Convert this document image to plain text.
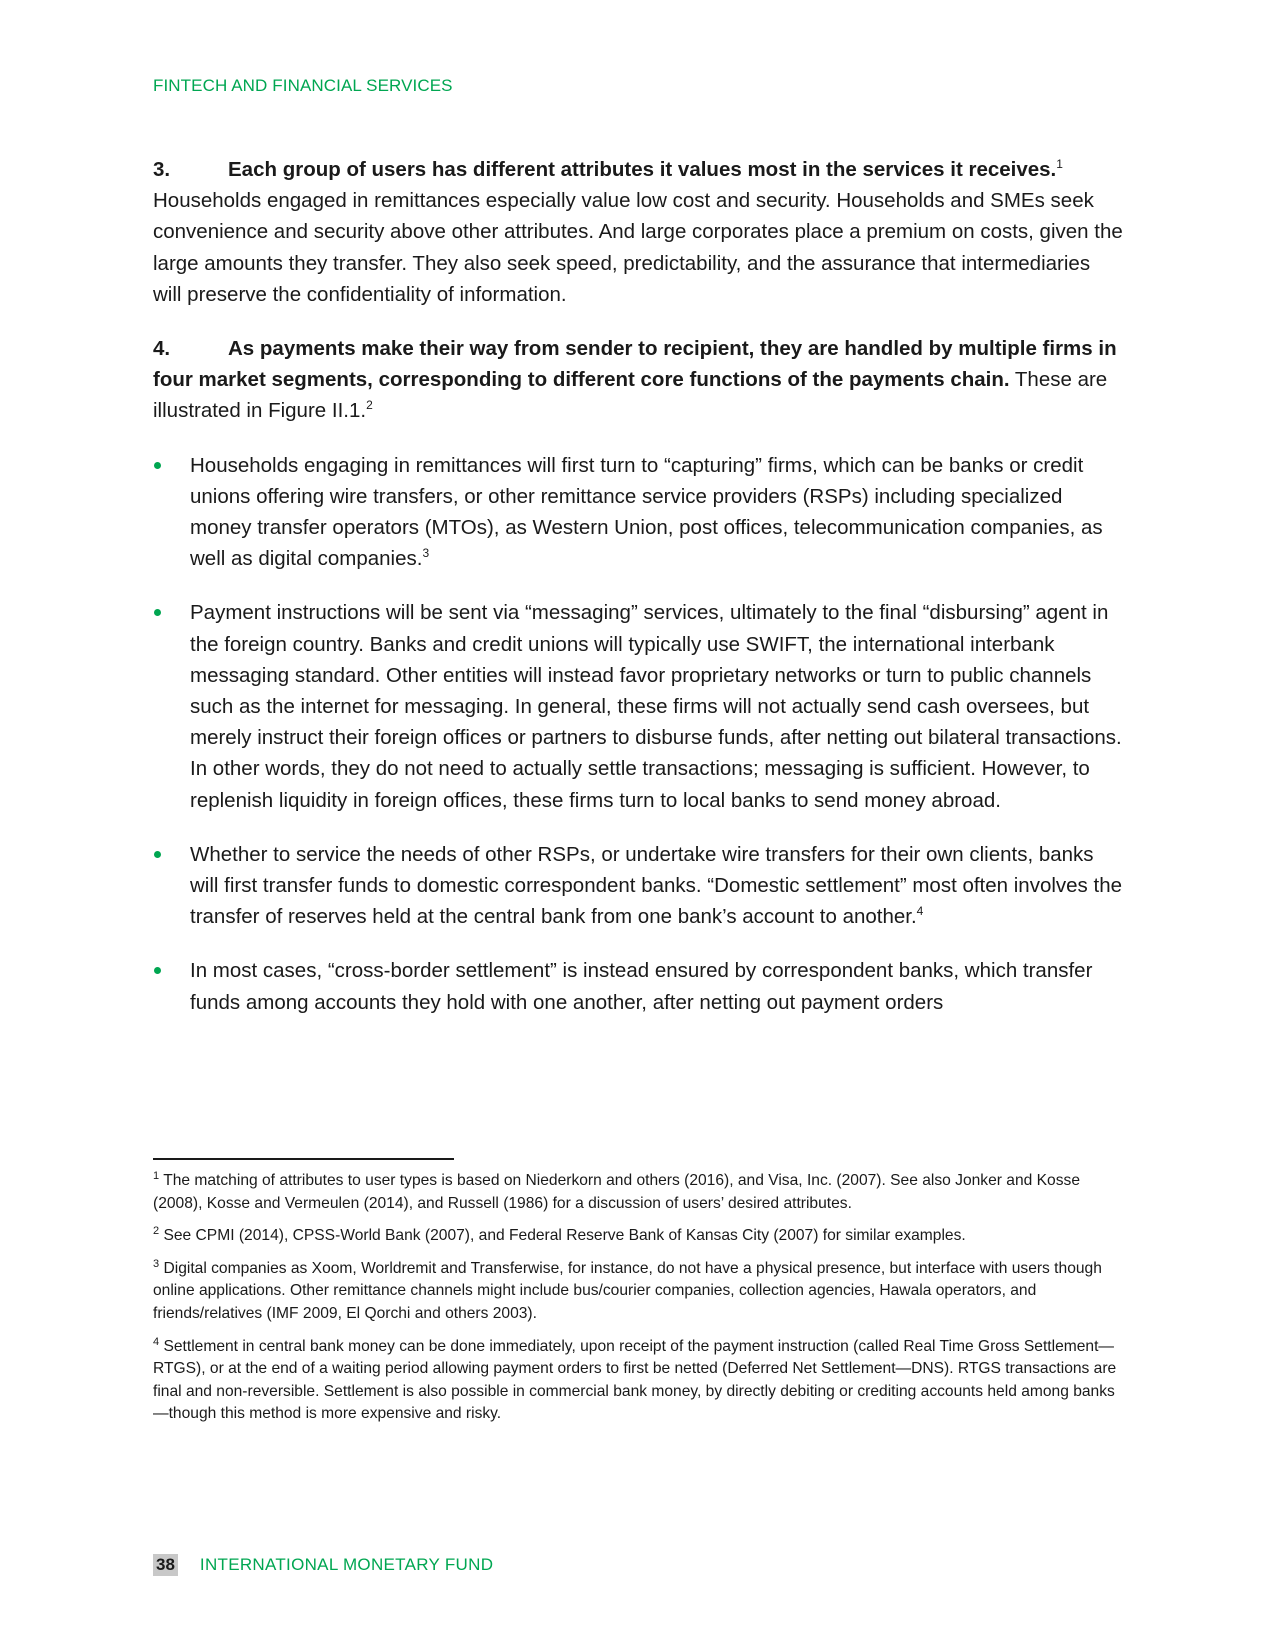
FINTECH AND FINANCIAL SERVICES

3.	Each group of users has different attributes it values most in the services it receives.$^1$ Households engaged in remittances especially value low cost and security. Households and SMEs seek convenience and security above other attributes. And large corporates place a premium on costs, given the large amounts they transfer. They also seek speed, predictability, and the assurance that intermediaries will preserve the confidentiality of information.

4.	As payments make their way from sender to recipient, they are handled by multiple firms in four market segments, corresponding to different core functions of the payments chain. These are illustrated in Figure II.1.$^2$

Households engaging in remittances will first turn to “capturing” firms, which can be banks or credit unions offering wire transfers, or other remittance service providers (RSPs) including specialized money transfer operators (MTOs), as Western Union, post offices, telecommunication companies, as well as digital companies.$^3$
Payment instructions will be sent via “messaging” services, ultimately to the final “disbursing” agent in the foreign country. Banks and credit unions will typically use SWIFT, the international interbank messaging standard. Other entities will instead favor proprietary networks or turn to public channels such as the internet for messaging. In general, these firms will not actually send cash oversees, but merely instruct their foreign offices or partners to disburse funds, after netting out bilateral transactions. In other words, they do not need to actually settle transactions; messaging is sufficient. However, to replenish liquidity in foreign offices, these firms turn to local banks to send money abroad.
Whether to service the needs of other RSPs, or undertake wire transfers for their own clients, banks will first transfer funds to domestic correspondent banks. “Domestic settlement” most often involves the transfer of reserves held at the central bank from one bank’s account to another.$^4$
In most cases, “cross-border settlement” is instead ensured by correspondent banks, which transfer funds among accounts they hold with one another, after netting out payment orders

$^1$ The matching of attributes to user types is based on Niederkorn and others (2016), and Visa, Inc. (2007). See also Jonker and Kosse (2008), Kosse and Vermeulen (2014), and Russell (1986) for a discussion of users’ desired attributes.

$^2$ See CPMI (2014), CPSS-World Bank (2007), and Federal Reserve Bank of Kansas City (2007) for similar examples.

$^3$ Digital companies as Xoom, Worldremit and Transferwise, for instance, do not have a physical presence, but interface with users though online applications. Other remittance channels might include bus/courier companies, collection agencies, Hawala operators, and friends/relatives (IMF 2009, El Qorchi and others 2003).

$^4$ Settlement in central bank money can be done immediately, upon receipt of the payment instruction (called Real Time Gross Settlement—RTGS), or at the end of a waiting period allowing payment orders to first be netted (Deferred Net Settlement—DNS). RTGS transactions are final and non-reversible. Settlement is also possible in commercial bank money, by directly debiting or crediting accounts held among banks—though this method is more expensive and risky.

38 INTERNATIONAL MONETARY FUND
